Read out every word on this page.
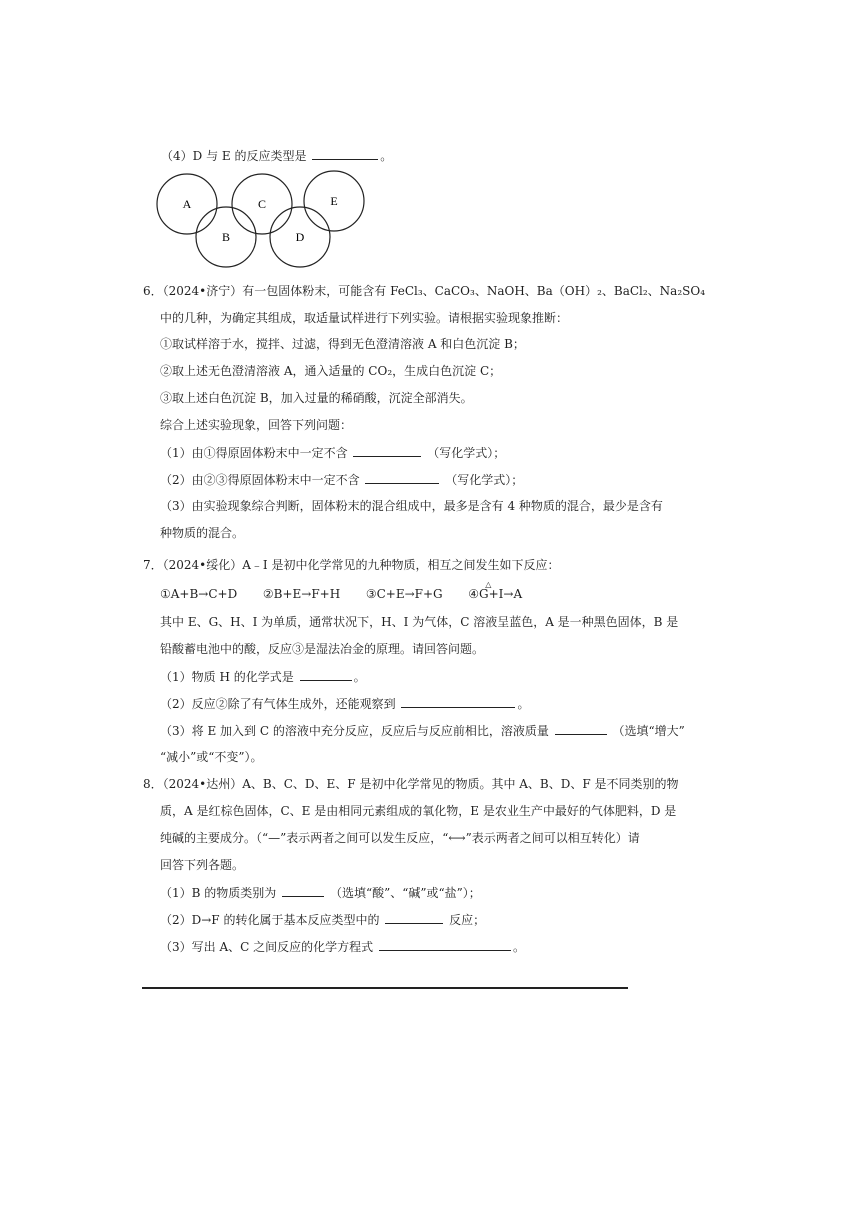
（4）D 与 E 的反应类型是	。
A	C	E
B	D
6．（2024•济宁）有一包固体粉末，可能含有 FeCl₃、CaCO₃、NaOH、Ba（OH）₂、BaCl₂、Na₂SO₄
中的几种，为确定其组成，取适量试样进行下列实验。请根据实验现象推断：
①取试样溶于水，搅拌、过滤，得到无色澄清溶液 A 和白色沉淀 B；
②取上述无色澄清溶液 A，通入适量的 CO₂，生成白色沉淀 C；
③取上述白色沉淀 B，加入过量的稀硝酸，沉淀全部消失。
综合上述实验现象，回答下列问题：
（1）由①得原固体粉末中一定不含	（写化学式）；
（2）由②③得原固体粉末中一定不含	（写化学式）；
（3）由实验现象综合判断，固体粉末的混合组成中，最多是含有 4 种物质的混合，最少是含有
种物质的混合。
7．（2024•绥化）A﹣I 是初中化学常见的九种物质，相互之间发生如下反应：
①A+B→C+D ②B+E→F+H ③C+E→F+G
△
④G+I→A
其中 E、G、H、I 为单质，通常状况下，H、I 为气体，C 溶液呈蓝色，A 是一种黑色固体，B 是
铅酸蓄电池中的酸，反应③是湿法冶金的原理。请回答问题。
（1）物质 H 的化学式是	。
（2）反应②除了有气体生成外，还能观察到	。
（3）将 E 加入到 C 的溶液中充分反应，反应后与反应前相比，溶液质量	（选填“增大”
“减小”或“不变”）。
8．（2024•达州）A、B、C、D、E、F 是初中化学常见的物质。其中 A、B、D、F 是不同类别的物
质，A 是红棕色固体，C、E 是由相同元素组成的氧化物，E 是农业生产中最好的气体肥料，D 是
纯碱的主要成分。（“—”表示两者之间可以发生反应，“⟷”表示两者之间可以相互转化）请
回答下列各题。
（1）B 的物质类别为	（选填“酸”、“碱”或“盐”）；
（2）D→F 的转化属于基本反应类型中的	反应；
（3）写出 A、C 之间反应的化学方程式	。
